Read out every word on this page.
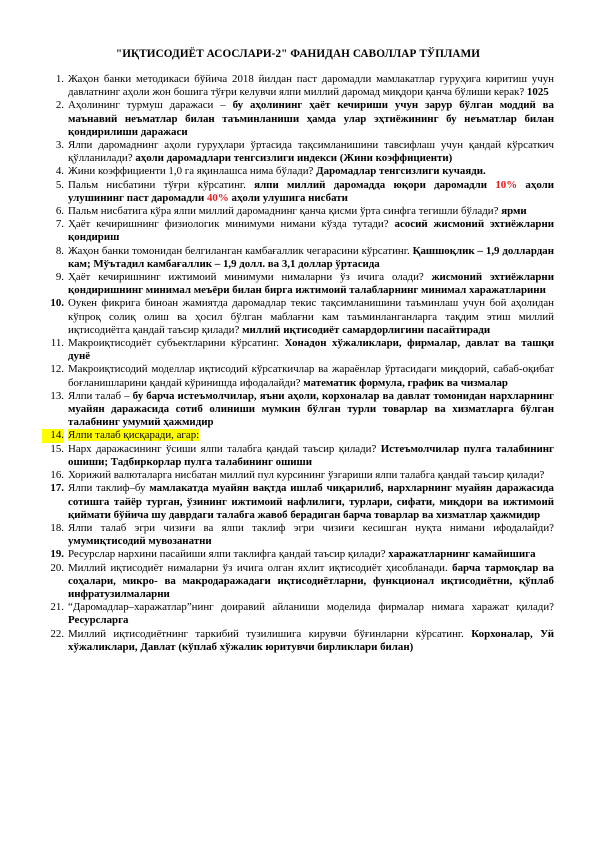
"ИҚТИСОДИЁТ АСОСЛАРИ-2" ФАНИДАН САВОЛЛАР ТЎПЛАМИ
1. Жаҳон банки методикаси бўйича 2018 йилдан паст даромадли мамлакатлар гуруҳига киритиш учун давлатнинг аҳоли жон бошига тўғри келувчи ялпи миллий даромад миқдори қанча бўлиши керак? 1025
2. Аҳолининг турмуш даражаси – бу аҳолининг ҳаёт кечириши учун зарур бўлган моддий ва маънавий неъматлар билан таъминланиши ҳамда улар эҳтиёжининг бу неъматлар билан қондирилиши даражаси
3. Ялпи даромаднинг аҳоли гуруҳлари ўртасида тақсимланишини тавсифлаш учун қандай кўрсаткич қўлланилади? аҳоли даромадлари тенгсизлиги индекси (Жини коэффициенти)
4. Жини коэффициенти 1,0 га яқинлашса нима бўлади? Даромадлар тенгсизлиги кучаяди.
5. Пальм нисбатини тўғри кўрсатинг. ялпи миллий даромадда юқори даромадли 10% аҳоли улушининг паст даромадли 40% аҳоли улушига нисбати
6. Пальм нисбатига кўра ялпи миллий даромаднинг қанча қисми ўрта синфга тегишли бўлади? ярми
7. Ҳаёт кечиришнинг физиологик минимуми нимани кўзда тутади? асосий жисмоний эхтиёжларни қондириш
8. Жаҳон банки томонидан белгиланган камбағаллик чегарасини кўрсатинг. Қашшоқлик – 1,9 доллардан кам; Мўътадил камбағаллик – 1,9 долл. ва 3,1 доллар ўртасида
9. Ҳаёт кечиришнинг ижтимоий минимуми нималарни ўз ичига олади? жисмоний эхтиёжларни қондиришнинг минимал меъёри билан бирга ижтимоий талабларнинг минимал харажатларини
10. Оукен фикрига биноан жамиятда даромадлар текис тақсимланишини таъминлаш учун бой аҳолидан кўпроқ солиқ олиш ва ҳосил бўлган маблағни кам таъминланганларга тақдим этиш миллий иқтисодиётга қандай таъсир қилади? миллий иқтисодиёт самардорлигини пасайтиради
11. Макроиқтисодиёт субъектларини кўрсатинг. Хонадон хўжаликлари, фирмалар, давлат ва ташқи дунё
12. Макроиқтисодий моделлар иқтисодий кўрсаткичлар ва жараёнлар ўртасидаги миқдорий, сабаб-оқибат боғланишларини қандай кўринишда ифодалайди? математик формула, график ва чизмалар
13. Ялпи талаб – бу барча истеъмолчилар, яъни аҳоли, корхоналар ва давлат томонидан нархларнинг муайян даражасида сотиб олиниши мумкин бўлган турли товарлар ва хизматларга бўлган талабнинг умумий ҳажмидир
14. Ялпи талаб қисқаради, агар:
15. Нарх даражасининг ўсиши ялпи талабга қандай таъсир қилади? Истеъмолчилар пулга талабининг ошиши; Тадбиркорлар пулга талабининг ошиши
16. Хорижий валюталарга нисбатан миллий пул курсининг ўзгариши ялпи талабга қандай таъсир қилади?
17. Ялпи таклиф–бу мамлакатда муайян вақтда ишлаб чиқарилиб, нархларнинг муайян даражасида сотишга тайёр турган, ўзининг ижтимоий нафлилиги, турлари, сифати, миқдори ва ижтимоий қиймати бўйича шу даврдаги талабга жавоб берадиган барча товарлар ва хизматлар ҳажмидир
18. Ялпи талаб эгри чизиғи ва ялпи таклиф эгри чизиғи кесишган нуқта нимани ифодалайди? умумиқтисодий мувозанатни
19. Ресурслар нархини пасайиши ялпи таклифга қандай таъсир қилади? харажатларнинг камайишига
20. Миллий иқтисодиёт нималарни ўз ичига олган яхлит иқтисодиёт ҳисобланади. барча тармоқлар ва соҳалари, микро- ва макродаражадаги иқтисодиётларни, функционал иқтисодиётни, қўплаб инфратузилмаларни
21. “Даромадлар–харажатлар”нинг доиравий айланиши моделида фирмалар нимага харажат қилади? Ресурсларга
22. Миллий иқтисодиётнинг таркибий тузилишига кирувчи бўғинларни кўрсатинг. Корхоналар, Уй хўжаликлари, Давлат (кўплаб хўжалик юритувчи бирликлари билан)
